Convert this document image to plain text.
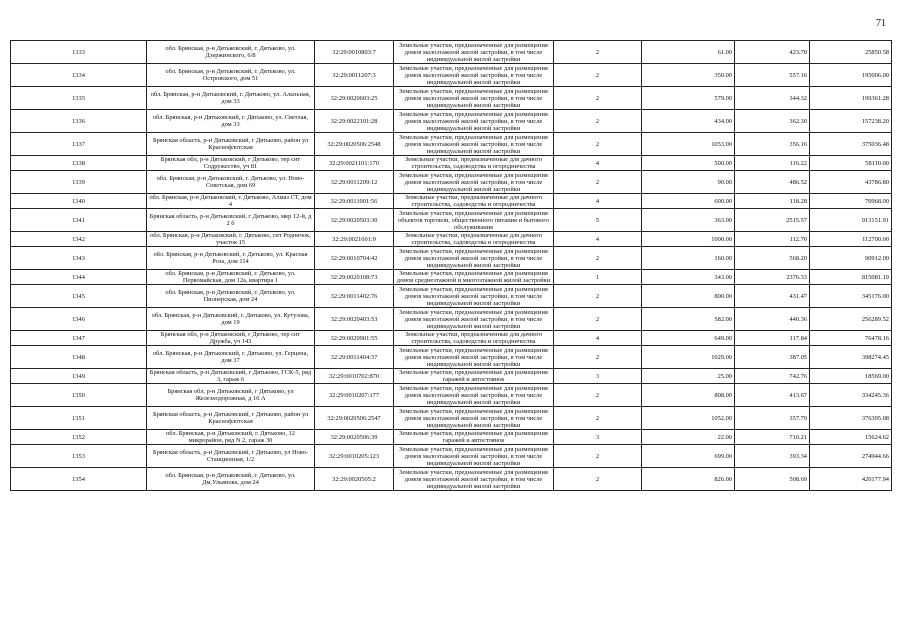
71
1333	обл. Брянская, р-н Дятьковский, г. Дятьково, ул. Дзержинского, 6/8	32:29:0010803:7	Земельные участки, предназначенные для размещения домов малоэтажной жилой застройки, в том числе индивидуальной жилой застройки	2	61.00	423.78	25850.58
1334	обл. Брянская, р-н Дятьковский, г. Дятьково, ул. Островского, дом 51	32:29:0011207:3	Земельные участки, предназначенные для размещения домов малоэтажной жилой застройки, в том числе индивидуальной жилой застройки	2	350.00	557.16	195006.00
1335	обл. Брянская, р-н Дятьковский, г. Дятьково, ул. Альпьная, дом 33	32:29:0020603:25	Земельные участки, предназначенные для размещения домов малоэтажной жилой застройки, в том числе индивидуальной жилой застройки	2	579.00	344.32	199361.28
1336	обл. Брянская, р-н Дятьковский, г. Дятьково, ул. Светлая, дом 33	32:29:0022101:28	Земельные участки, предназначенные для размещения домов малоэтажной жилой застройки, в том числе индивидуальной жилой застройки	2	434.00	362.30	157238.20
1337	Брянская область, р-н Дятьковский, г Дятьково, район ул Краснофлотская	32:29:0020506:2548	Земельные участки, предназначенные для размещения домов малоэтажной жилой застройки, в том числе индивидуальной жилой застройки	2	1053.00	356.16	375036.48
1338	Брянская обл, р-н Дятьковский, г Дятьково, тер снт Содружество, уч 81	32:29:0021101:170	Земельные участки, предназначенные для дачного строительства, садоводства и огородничества	4	500.00	116.22	58110.00
1339	обл. Брянская, р-н Дятьковский, г. Дятьково, ул. Ново-Советская, дом 69	32:29:0011209:12	Земельные участки, предназначенные для размещения домов малоэтажной жилой застройки, в том числе индивидуальной жилой застройки	2	90.00	486.52	43786.80
1340	обл. Брянская, р-н Дятьковский, г. Дятьково, Алмаз СТ, дом 4	32:29:0011001:56	Земельные участки, предназначенные для дачного строительства, садоводства и огородничества	4	600.00	118.28	70968.00
1341	Брянская область, р-н Дятьковский, г Дятьково, мкр 12-й, д 2 б	32:29:0020503:30	Земельные участки, предназначенные для размещения объектов торговли, общественного питания и бытового обслуживания	5	363.00	2515.57	913151.91
1342	обл. Брянская, р-н Дятьковский, г. Дятьково, снт Родничок, участок 15	32:29:0021601:9	Земельные участки, предназначенные для дачного строительства, садоводства и огородничества	4	1000.00	112.70	112700.00
1343	обл. Брянская, р-н Дятьковский, г. Дятьково, ул. Красная Роза, дом 114	32:29:0010704:42	Земельные участки, предназначенные для размещения домов малоэтажной жилой застройки, в том числе индивидуальной жилой застройки	2	160.00	568.20	90912.00
1344	обл. Брянская, р-н Дятьковский, г. Дятьково, ул. Первомайская, дом 12а, квартира 1	32:29:0020108:73	Земельные участки, предназначенные для размещения домов среднеэтажной и многоэтажной жилой застройки	1	343.00	2376.33	815081.19
1345	обл. Брянская, р-н Дятьковский, г. Дятьково, ул. Пионерская, дом 24	32:29:0011402:76	Земельные участки, предназначенные для размещения домов малоэтажной жилой застройки, в том числе индивидуальной жилой застройки	2	800.00	431.47	345176.00
1346	обл. Брянская, р-н Дятьковский, г. Дятьково, ул. Кутузова, дом 19	32:29:0020403:53	Земельные участки, предназначенные для размещения домов малоэтажной жилой застройки, в том числе индивидуальной жилой застройки	2	582.00	440.36	256289.52
1347	Брянская обл, р-н Дятьковский, г Дятьково, тер снт Дружба, уч 143	32:29:0020901:55	Земельные участки, предназначенные для дачного строительства, садоводства и огородничества	4	649.00	117.84	76478.16
1348	обл. Брянская, р-н Дятьковский, г. Дятьково, ул. Герцена, дом 37	32:29:0011404:37	Земельные участки, предназначенные для размещения домов малоэтажной жилой застройки, в том числе индивидуальной жилой застройки	2	1029.00	387.05	398274.45
1349	Брянская область, р-н Дятьковский, г Дятьково, ГСК-5, ряд 3, гараж 6	32:29:0010702:870	Земельные участки, предназначенные для размещения гаражей и автостоянок	3	25.00	742.76	18569.00
1350	Брянская обл, р-н Дятьковский, г Дятьково, ул Железнодорожная, д 10 А	32:29:0010207:177	Земельные участки, предназначенные для размещения домов малоэтажной жилой застройки, в том числе индивидуальной жилой застройки	2	808.00	413.67	334245.36
1351	Брянская область, р-н Дятьковский, г Дятьково, район ул Краснофлотская	32:29:0020506:2547	Земельные участки, предназначенные для размещения домов малоэтажной жилой застройки, в том числе индивидуальной жилой застройки	2	1052.00	357.79	376395.08
1352	обл. Брянская, р-н Дятьковский, г. Дятьково, 12 микрорайон, ряд N 2, гараж 30	32:29:0020506:39	Земельные участки, предназначенные для размещения гаражей и автостоянок	3	22.00	710.21	15624.62
1353	Брянская область, р-н Дятьковский, г Дятьково, ул Ново-Станционная, 1/2	32:29:0010205:123	Земельные участки, предназначенные для размещения домов малоэтажной жилой застройки, в том числе индивидуальной жилой застройки	2	699.00	393.34	274944.66
1354	обл. Брянская, р-н Дятьковский, г. Дятьково, ул. Дм.Ульянова, дом 24	32:29:0020505:2	Земельные участки, предназначенные для размещения домов малоэтажной жилой застройки, в том числе индивидуальной жилой застройки	2	826.00	508.69	420177.94
